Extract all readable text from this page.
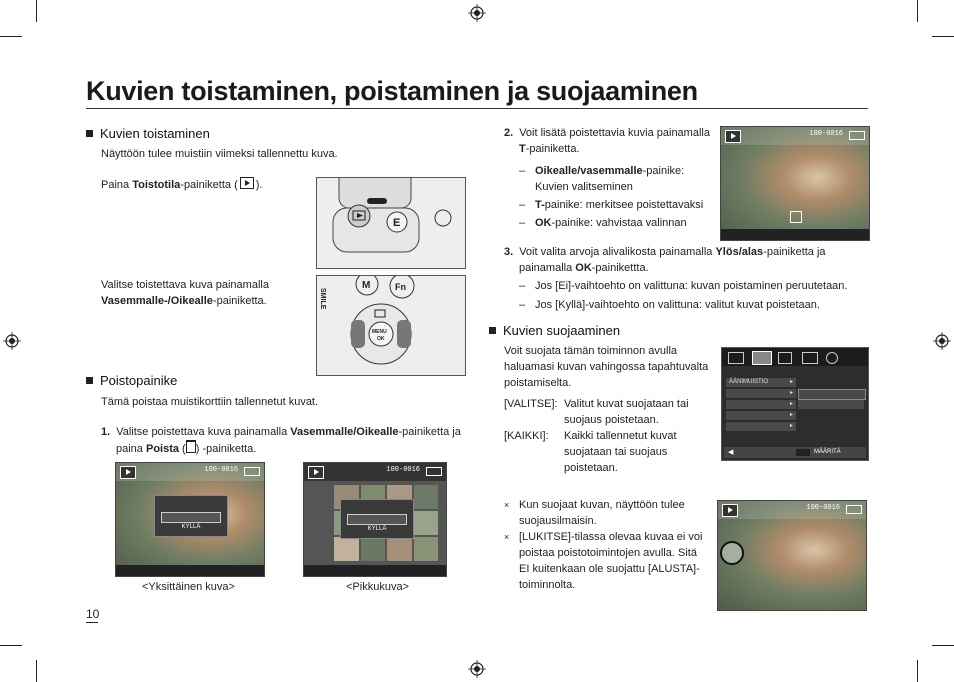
Kuvien toistaminen, poistaminen ja suojaaminen
Kuvien toistaminen
Näyttöön tulee muistiin viimeksi tallennettu kuva.
Paina Toistotila-painiketta ( ).
E
Valitse toistettava kuva painamalla
Vasemmalle-/Oikealle-painiketta.
M	Fn
MENU
OK
SMILE
Poistopainike
Tämä poistaa muistikorttiin tallennetut kuvat.
1. Valitse poistettava kuva painamalla Vasemmalle/Oikealle-painiketta ja
paina Poista ( ) -painiketta.
100-0016
KYLLÄ
100-0016
KYLLÄ
<Yksittäinen kuva>	<Pikkukuva>
10
2. Voit lisätä poistettavia kuvia painamalla
T-painiketta.
– Oikealle/vasemmalle-painike:
Kuvien valitseminen
– T-painike: merkitsee poistettavaksi
– OK-painike: vahvistaa valinnan
100-0016
3. Voit valita arvoja alivalikosta painamalla Ylös/alas-painiketta ja
painamalla OK-painikettta.
– Jos [Ei]-vaihtoehto on valittuna: kuvan poistaminen peruutetaan.
– Jos [Kyllä]-vaihtoehto on valittuna: valitut kuvat poistetaan.
Kuvien suojaaminen
Voit suojata tämän toiminnon avulla
haluamasi kuvan vahingossa tapahtuvalta
poistamiselta.
[VALITSE]: Valitut kuvat suojataan tai
suojaus poistetaan.
[KAIKKI]: Kaikki tallennetut kuvat
suojataan tai suojaus
poistetaan.
ÄÄNIMUISTIO ▸
▸
▸
▸
▸
◀	MÄÄRITÄ
× Kun suojaat kuvan, näyttöön tulee
suojausilmaisin.
× [LUKITSE]-tilassa olevaa kuvaa ei voi
poistaa poistotoimintojen avulla. Sitä
EI kuitenkaan ole suojattu [ALUSTA]-
toiminnolta.
100-0016
